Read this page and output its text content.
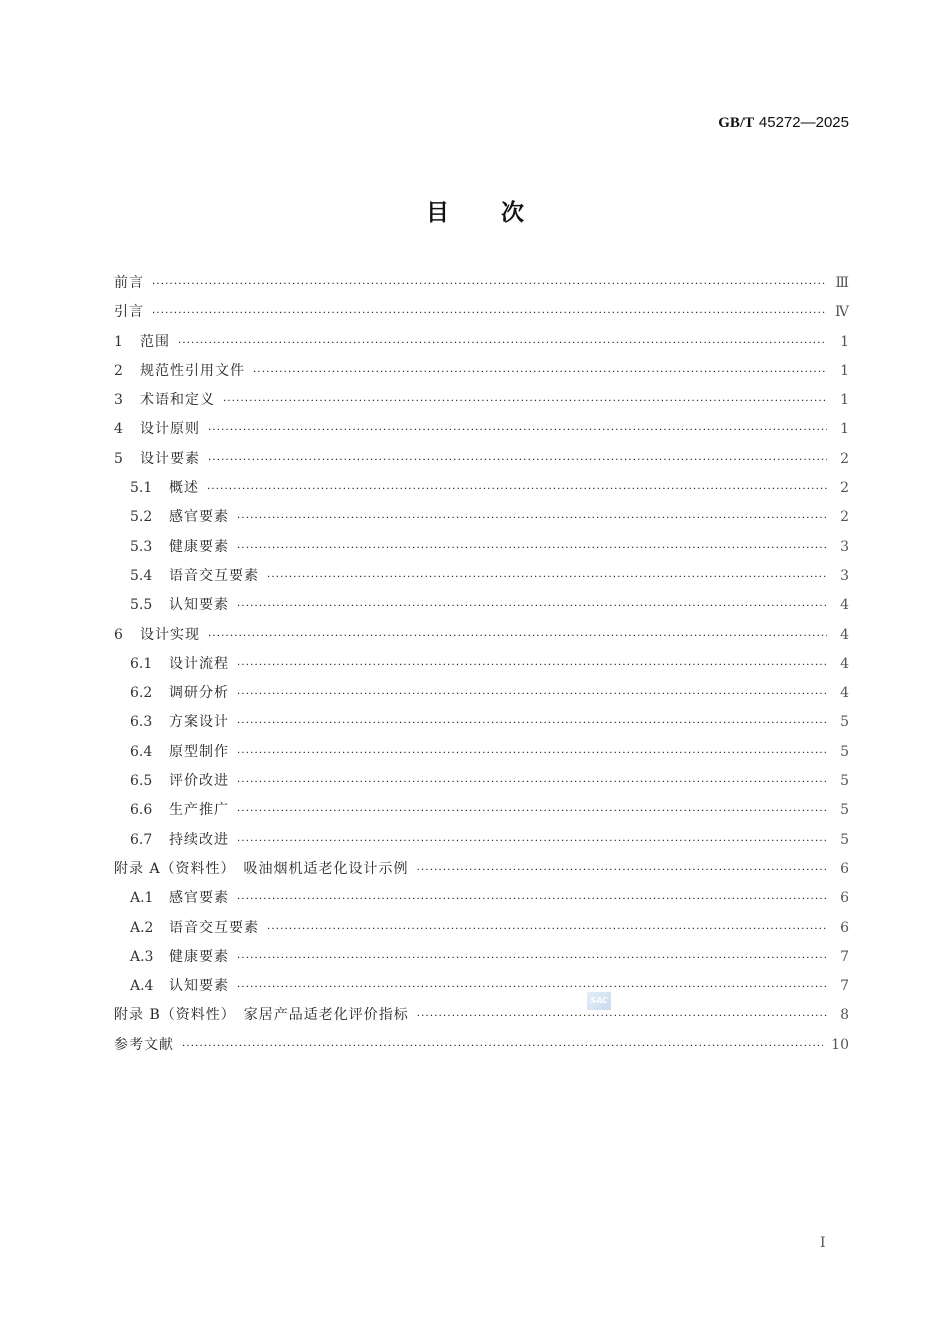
GB/T 45272—2025
目次
前言 ·····	Ⅲ
引言 ·····	Ⅳ
1	范围 ·····	1
2	规范性引用文件 ·····	1
3	术语和定义 ·····	1
4	设计原则 ·····	1
5	设计要素 ·····	2
5.1	概述 ·····	2
5.2	感官要素 ·····	2
5.3	健康要素 ·····	3
5.4	语音交互要素 ·····	3
5.5	认知要素 ·····	4
6	设计实现 ·····	4
6.1	设计流程 ·····	4
6.2	调研分析 ·····	4
6.3	方案设计 ·····	5
6.4	原型制作 ·····	5
6.5	评价改进 ·····	5
6.6	生产推广 ·····	5
6.7	持续改进 ·····	5
附录 A（资料性）　吸油烟机适老化设计示例 ·····	6
A.1	感官要素 ·····	6
A.2	语音交互要素 ·····	6
A.3	健康要素 ·····	7
A.4	认知要素 ·····	7
附录 B（资料性）　家居产品适老化评价指标 ·····	8
参考文献 ·····	10
SAC
I
